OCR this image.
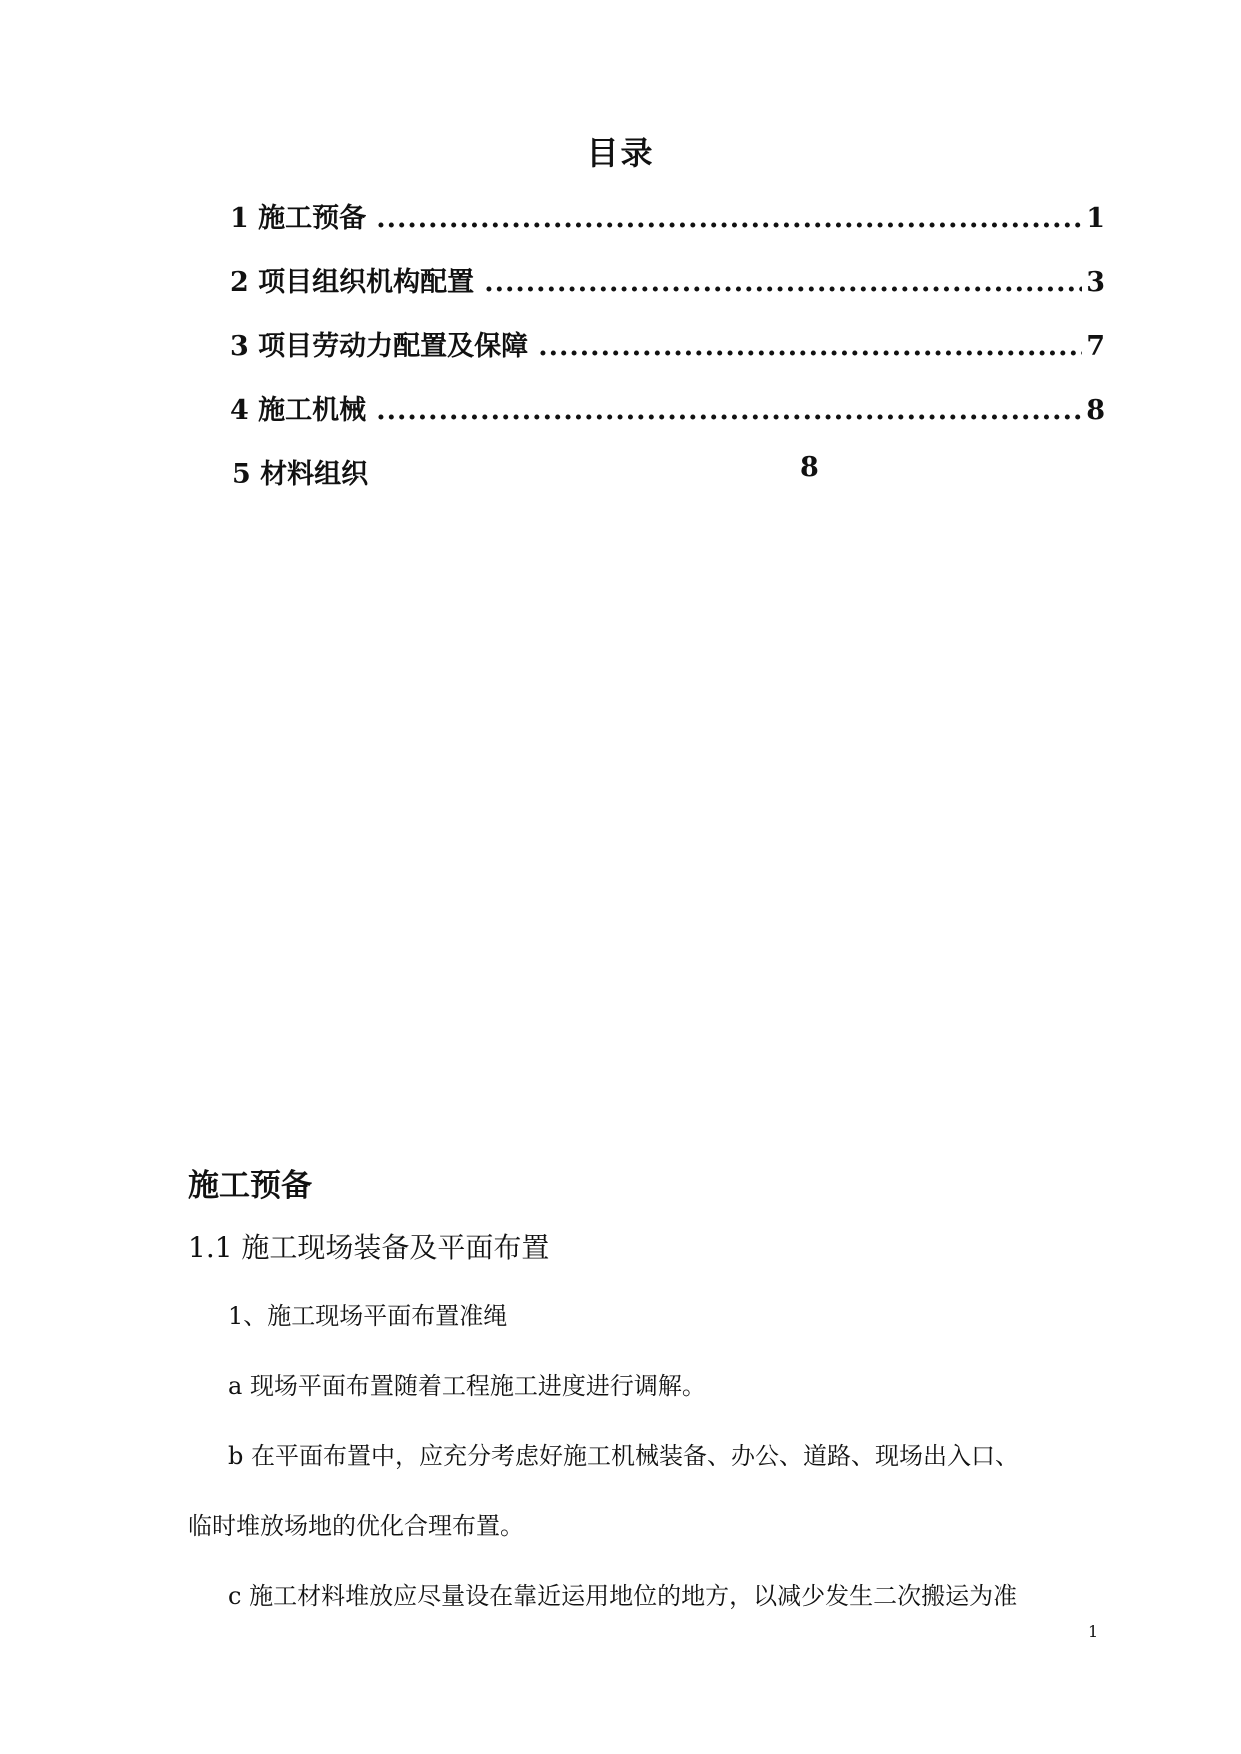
目录
1 施工预备 .....	1
2 项目组织机构配置 .....	3
3 项目劳动力配置及保障 .....	7
4 施工机械 .....	8
5 材料组织	8
施工预备
1.1 施工现场装备及平面布置
1、施工现场平面布置准绳
a 现场平面布置随着工程施工进度进行调解。
b 在平面布置中，应充分考虑好施工机械装备、办公、道路、现场出入口、
临时堆放场地的优化合理布置。
c 施工材料堆放应尽量设在靠近运用地位的地方，以减少发生二次搬运为准
1
